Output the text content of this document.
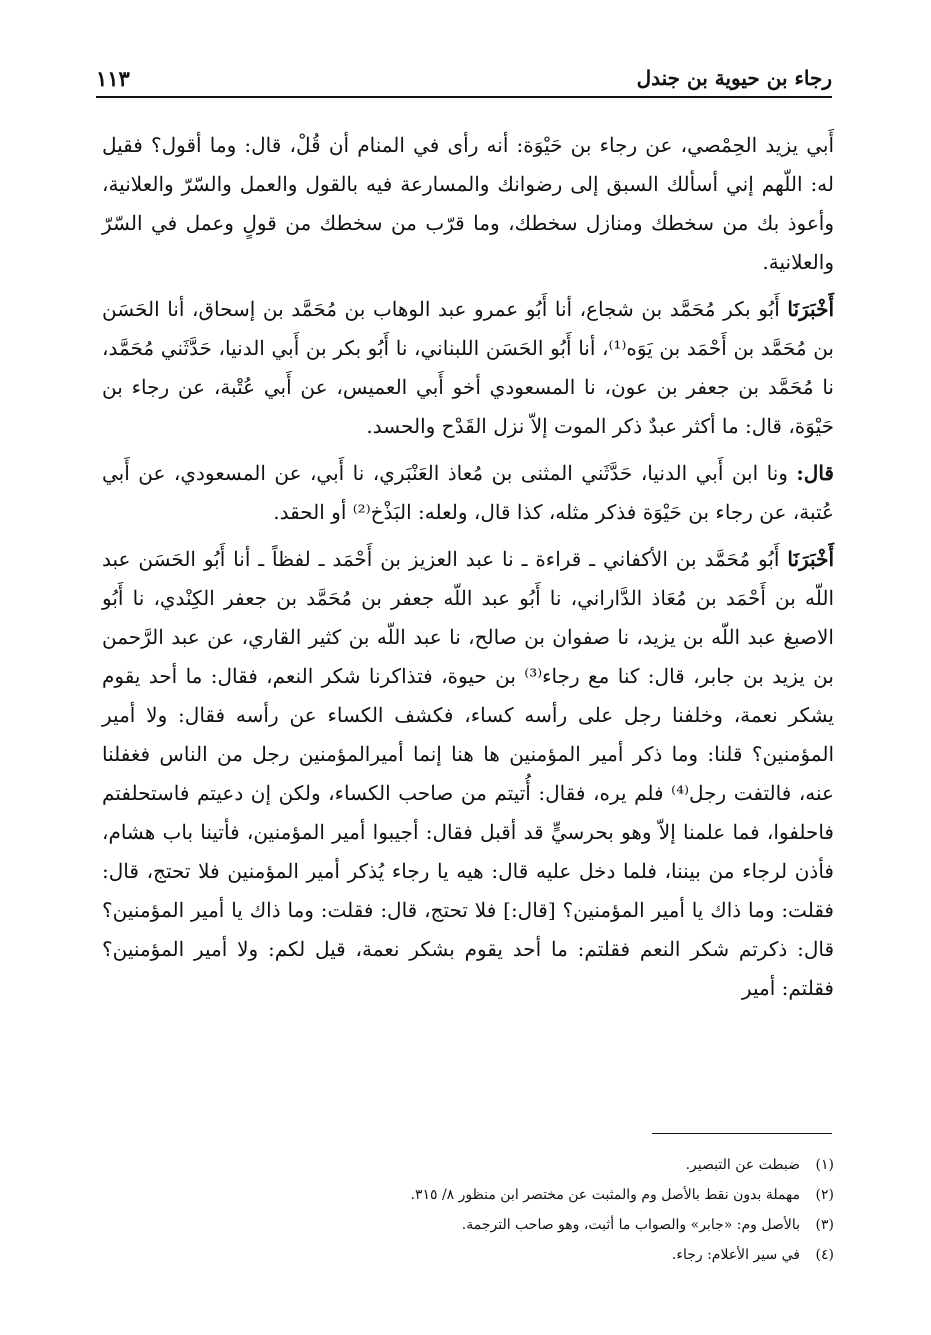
رجاء بن حيوية بن جندل
١١٣

أَبي يزيد الحِمْصي، عن رجاء بن حَيْوَة: أنه رأى في المنام أن قُلْ، قال: وما أقول؟ فقيل له: اللّهم إني أسألك السبق إلى رضوانك والمسارعة فيه بالقول والعمل والسّرّ والعلانية، وأعوذ بك من سخطك ومنازل سخطك، وما قرّب من سخطك من قولٍ وعمل في السّرّ والعلانية.

أَخْبَرَنَا أَبُو بكر مُحَمَّد بن شجاع، أنا أَبُو عمرو عبد الوهاب بن مُحَمَّد بن إسحاق، أنا الحَسَن بن مُحَمَّد بن أَحْمَد بن يَوَه⁽¹⁾، أنا أَبُو الحَسَن اللبناني، نا أَبُو بكر بن أَبي الدنيا، حَدَّثَني مُحَمَّد، نا مُحَمَّد بن جعفر بن عون، نا المسعودي أخو أَبي العميس، عن أَبي عُتْبة، عن رجاء بن حَيْوَة، قال: ما أكثر عبدٌ ذكر الموت إلاّ نزل القَدْح والحسد.

قال: ونا ابن أَبي الدنيا، حَدَّثَني المثنى بن مُعاذ العَنْبَري، نا أَبي، عن المسعودي، عن أَبي عُتبة، عن رجاء بن حَيْوَة فذكر مثله، كذا قال، ولعله: البَذْخ⁽²⁾ أو الحقد.

أَخْبَرَنَا أَبُو مُحَمَّد بن الأكفاني ـ قراءة ـ نا عبد العزيز بن أَحْمَد ـ لفظاً ـ أنا أَبُو الحَسَن عبد اللّه بن أَحْمَد بن مُعَاذ الدَّاراني، نا أَبُو عبد اللّه جعفر بن مُحَمَّد بن جعفر الكِنْدي، نا أَبُو الاصبغ عبد اللّه بن يزيد، نا صفوان بن صالح، نا عبد اللّه بن كثير القاري، عن عبد الرَّحمن بن يزيد بن جابر، قال: كنا مع رجاء⁽³⁾ بن حيوة، فتذاكرنا شكر النعم، فقال: ما أحد يقوم يشكر نعمة، وخلفنا رجل على رأسه كساء، فكشف الكساء عن رأسه فقال: ولا أمير المؤمنين؟ قلنا: وما ذكر أمير المؤمنين ها هنا إنما أميرالمؤمنين رجل من الناس فغفلنا عنه، فالتفت رجل⁽⁴⁾ فلم يره، فقال: أُتيتم من صاحب الكساء، ولكن إن دعيتم فاستحلفتم فاحلفوا، فما علمنا إلاّ وهو بحرسيٍّ قد أقبل فقال: أجيبوا أمير المؤمنين، فأتينا باب هشام، فأذن لرجاء من بيننا، فلما دخل عليه قال: هيه يا رجاء يُذكر أمير المؤمنين فلا تحتج، قال: فقلت: وما ذاك يا أمير المؤمنين؟ [قال:] فلا تحتج، قال: فقلت: وما ذاك يا أمير المؤمنين؟ قال: ذكرتم شكر النعم فقلتم: ما أحد يقوم بشكر نعمة، قيل لكم: ولا أمير المؤمنين؟ فقلتم: أمير

(١)
ضبطت عن التبصير.
(٢)
مهملة بدون نقط بالأصل وم والمثبت عن مختصر ابن منظور ٨/ ٣١٥.
(٣)
بالأصل وم: «جابر» والصواب ما أثبت، وهو صاحب الترجمة.
(٤)
في سير الأعلام: رجاء.
